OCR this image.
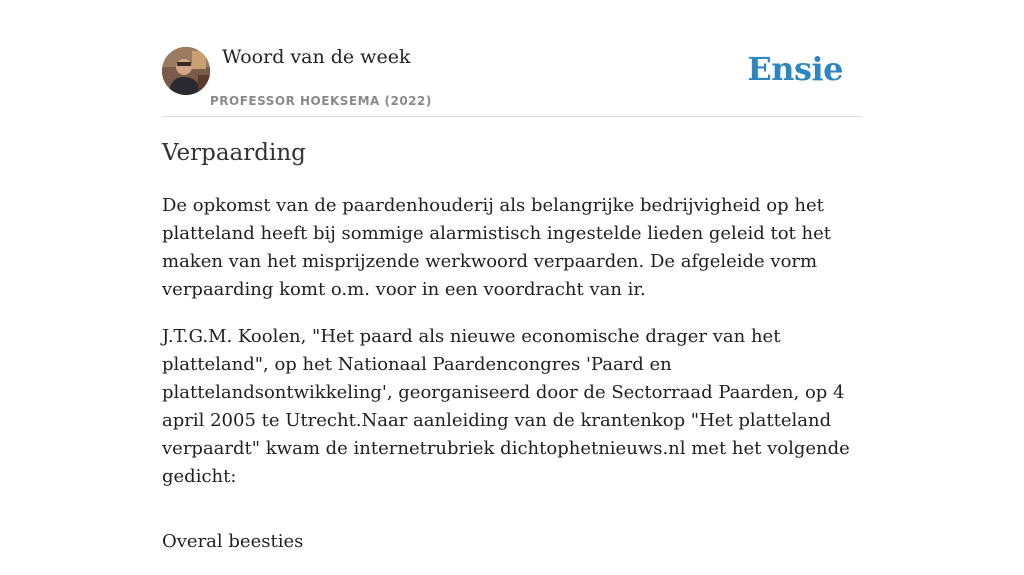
Woord van de week
PROFESSOR HOEKSEMA (2022)
Ensie
Verpaarding

De opkomst van de paardenhouderij als belangrijke bedrijvigheid op het platteland heeft bij sommige alarmistisch ingestelde lieden geleid tot het maken van het misprijzende werkwoord verpaarden. De afgeleide vorm verpaarding komt o.m. voor in een voordracht van ir.

J.T.G.M. Koolen, "Het paard als nieuwe economische drager van het platteland", op het Nationaal Paardencongres 'Paard en plattelandsontwikkeling', georganiseerd door de Sectorraad Paarden, op 4 april 2005 te Utrecht.Naar aanleiding van de krantenkop "Het platteland verpaardt" kwam de internetrubriek dichtophetnieuws.nl met het volgende gedicht:

Overal beesties
